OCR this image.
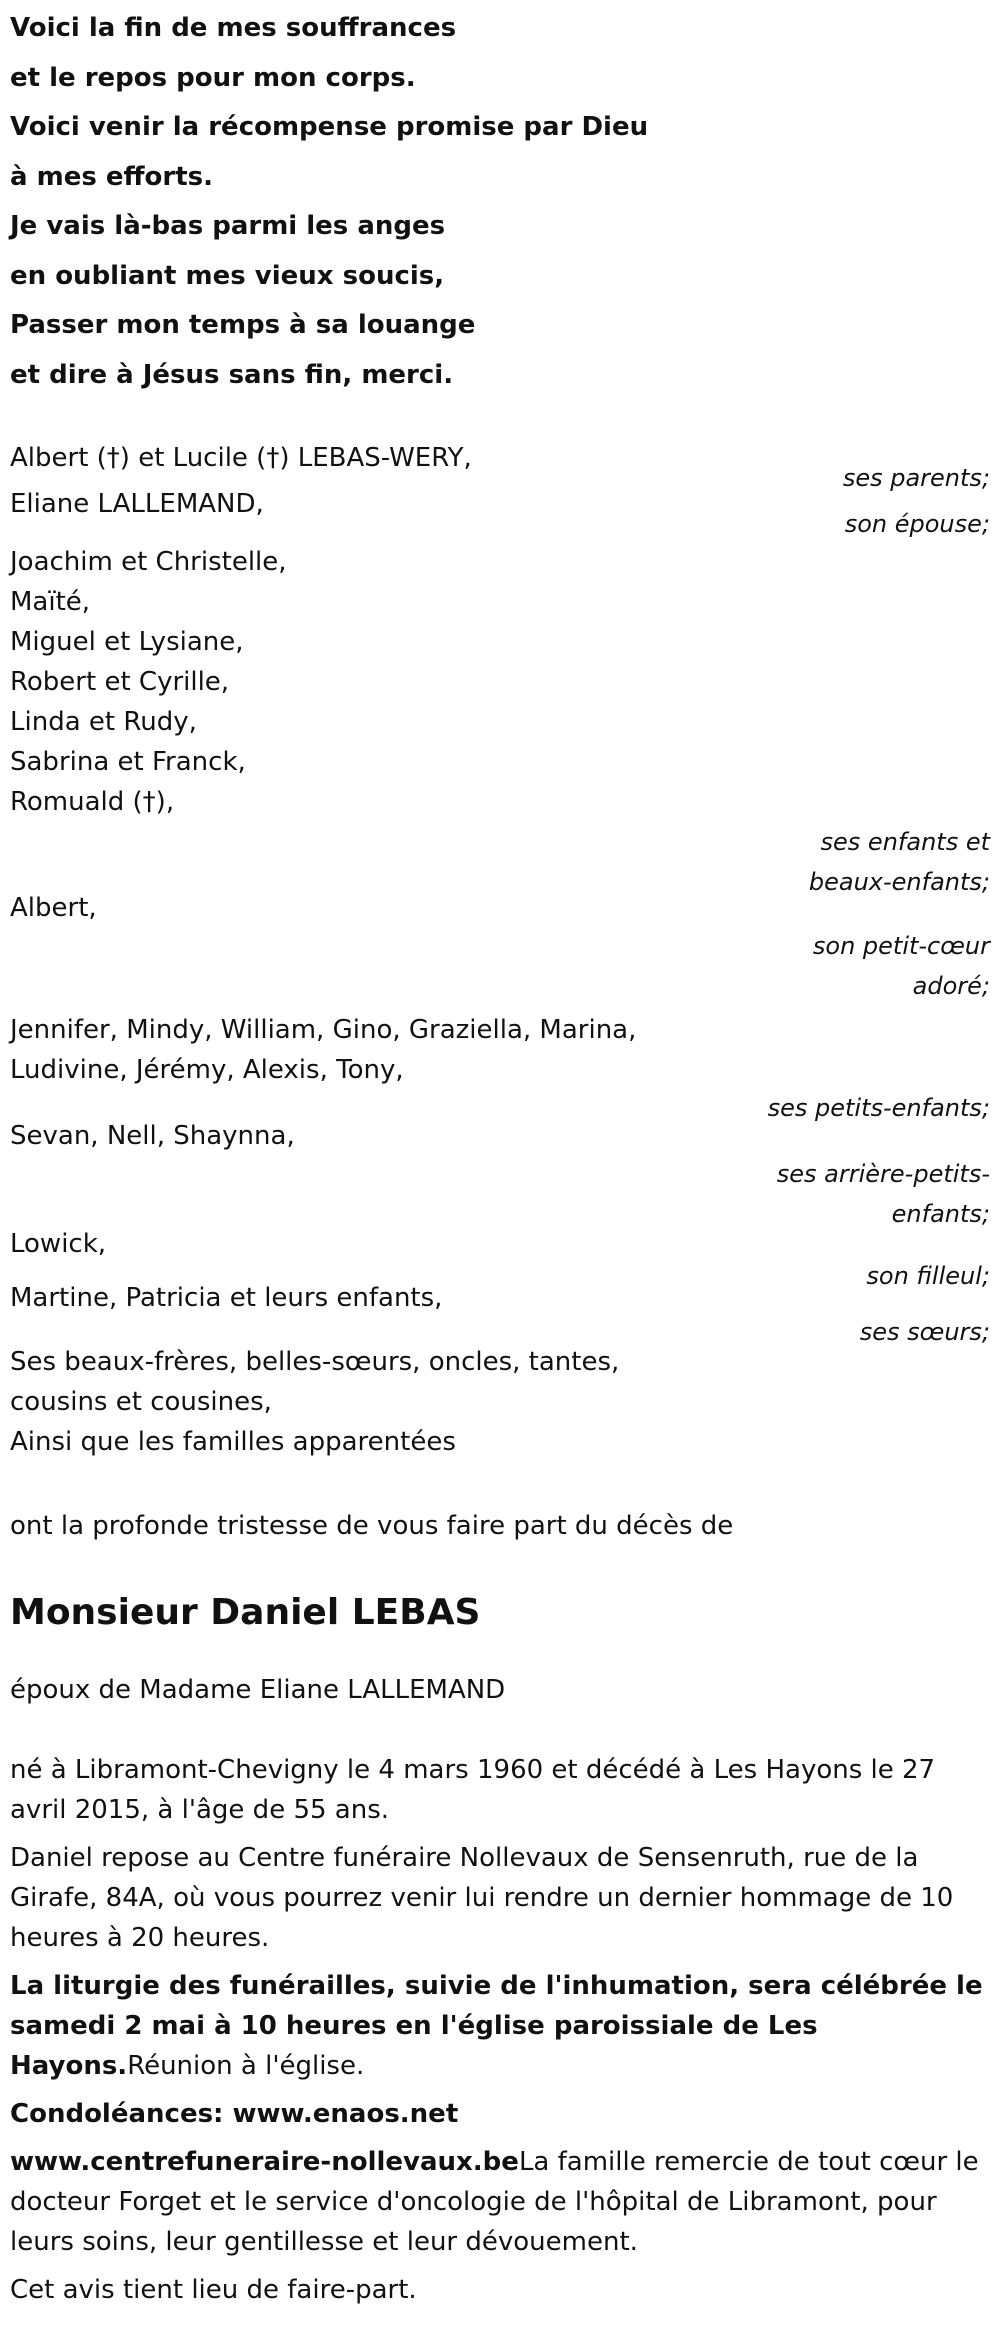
Voici la fin de mes souffrances
et le repos pour mon corps.
Voici venir la récompense promise par Dieu
à mes efforts.
Je vais là-bas parmi les anges
en oubliant mes vieux soucis,
Passer mon temps à sa louange
et dire à Jésus sans fin, merci.
Albert (†) et Lucile (†) LEBAS-WERY,
ses parents;
Eliane LALLEMAND,
son épouse;
Joachim et Christelle,
Maïté,
Miguel et Lysiane,
Robert et Cyrille,
Linda et Rudy,
Sabrina et Franck,
Romuald (†),
ses enfants et
beaux-enfants;
Albert,
son petit-cœur
adoré;
Jennifer, Mindy, William, Gino, Graziella, Marina,
Ludivine, Jérémy, Alexis, Tony,
ses petits-enfants;
Sevan, Nell, Shaynna,
ses arrière-petits-
enfants;
Lowick,
son filleul;
Martine, Patricia et leurs enfants,
ses sœurs;
Ses beaux-frères, belles-sœurs, oncles, tantes,
cousins et cousines,
Ainsi que les familles apparentées
ont la profonde tristesse de vous faire part du décès de
Monsieur Daniel LEBAS
époux de Madame Eliane LALLEMAND
né à Libramont-Chevigny le 4 mars 1960 et décédé à Les Hayons le 27 avril 2015, à l'âge de 55 ans.
Daniel repose au Centre funéraire Nollevaux de Sensenruth, rue de la Girafe, 84A, où vous pourrez venir lui rendre un dernier hommage de 10 heures à 20 heures.
La liturgie des funérailles, suivie de l'inhumation, sera célébrée le samedi 2 mai à 10 heures en l'église paroissiale de Les Hayons.Réunion à l'église.
Condoléances: www.enaos.net
www.centrefuneraire-nollevaux.beLa famille remercie de tout cœur le docteur Forget et le service d'oncologie de l'hôpital de Libramont, pour leurs soins, leur gentillesse et leur dévouement.
Cet avis tient lieu de faire-part.
